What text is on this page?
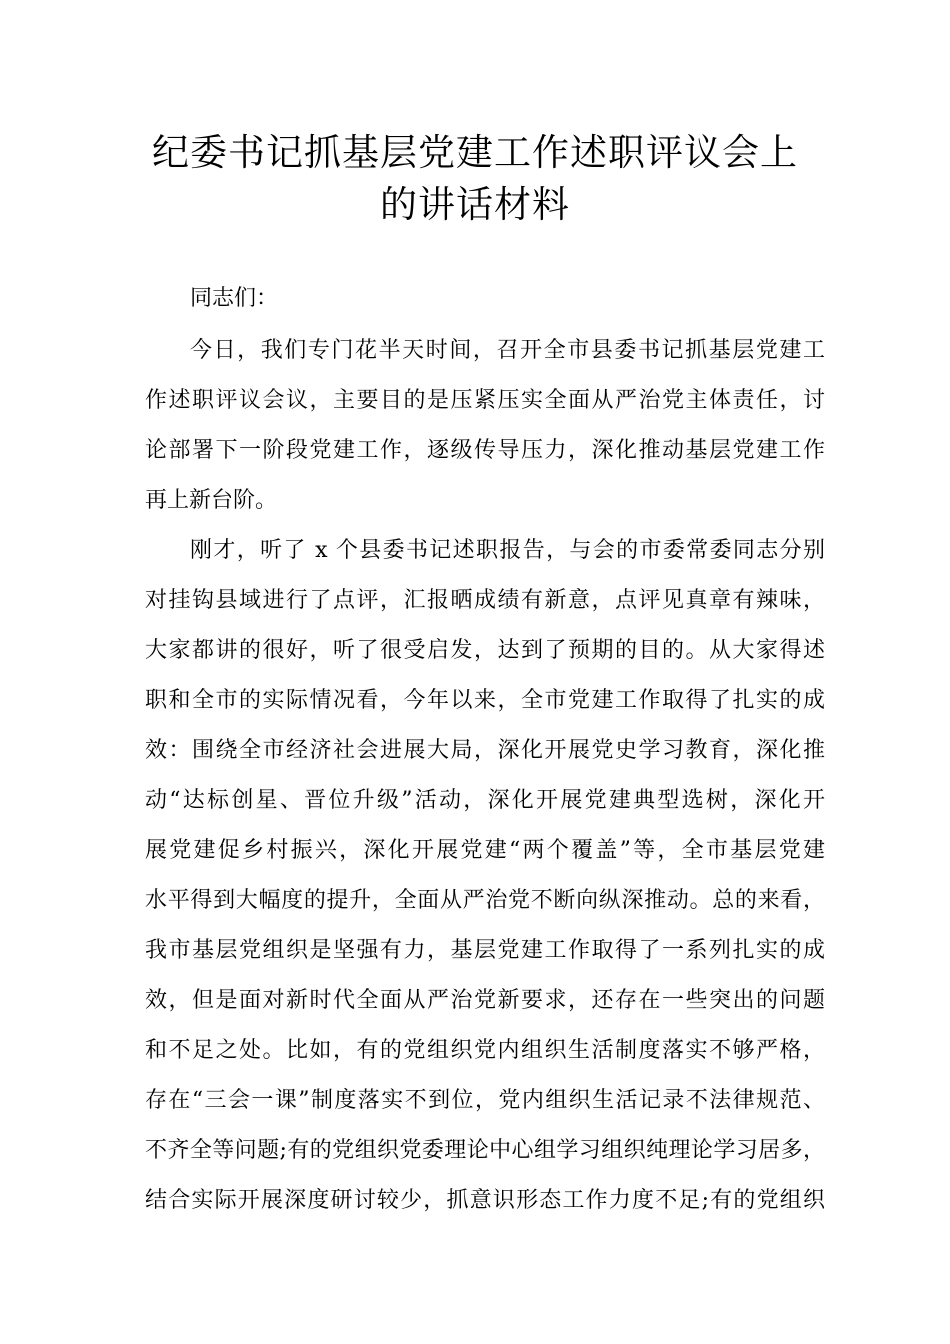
纪委书记抓基层党建工作述职评议会上
的讲话材料
同志们：
今日，我们专门花半天时间，召开全市县委书记抓基层党建工
作述职评议会议，主要目的是压紧压实全面从严治党主体责任，讨
论部署下一阶段党建工作，逐级传导压力，深化推动基层党建工作
再上新台阶。
刚才，听了 x 个县委书记述职报告，与会的市委常委同志分别
对挂钩县域进行了点评，汇报晒成绩有新意，点评见真章有辣味，
大家都讲的很好，听了很受启发，达到了预期的目的。从大家得述
职和全市的实际情况看，今年以来，全市党建工作取得了扎实的成
效：围绕全市经济社会进展大局，深化开展党史学习教育，深化推
动“达标创星、晋位升级”活动，深化开展党建典型选树，深化开
展党建促乡村振兴，深化开展党建“两个覆盖”等，全市基层党建
水平得到大幅度的提升，全面从严治党不断向纵深推动。总的来看，
我市基层党组织是坚强有力，基层党建工作取得了一系列扎实的成
效，但是面对新时代全面从严治党新要求，还存在一些突出的问题
和不足之处。比如，有的党组织党内组织生活制度落实不够严格，
存在“三会一课”制度落实不到位，党内组织生活记录不法律规范、
不齐全等问题;有的党组织党委理论中心组学习组织纯理论学习居多，
结合实际开展深度研讨较少，抓意识形态工作力度不足;有的党组织
